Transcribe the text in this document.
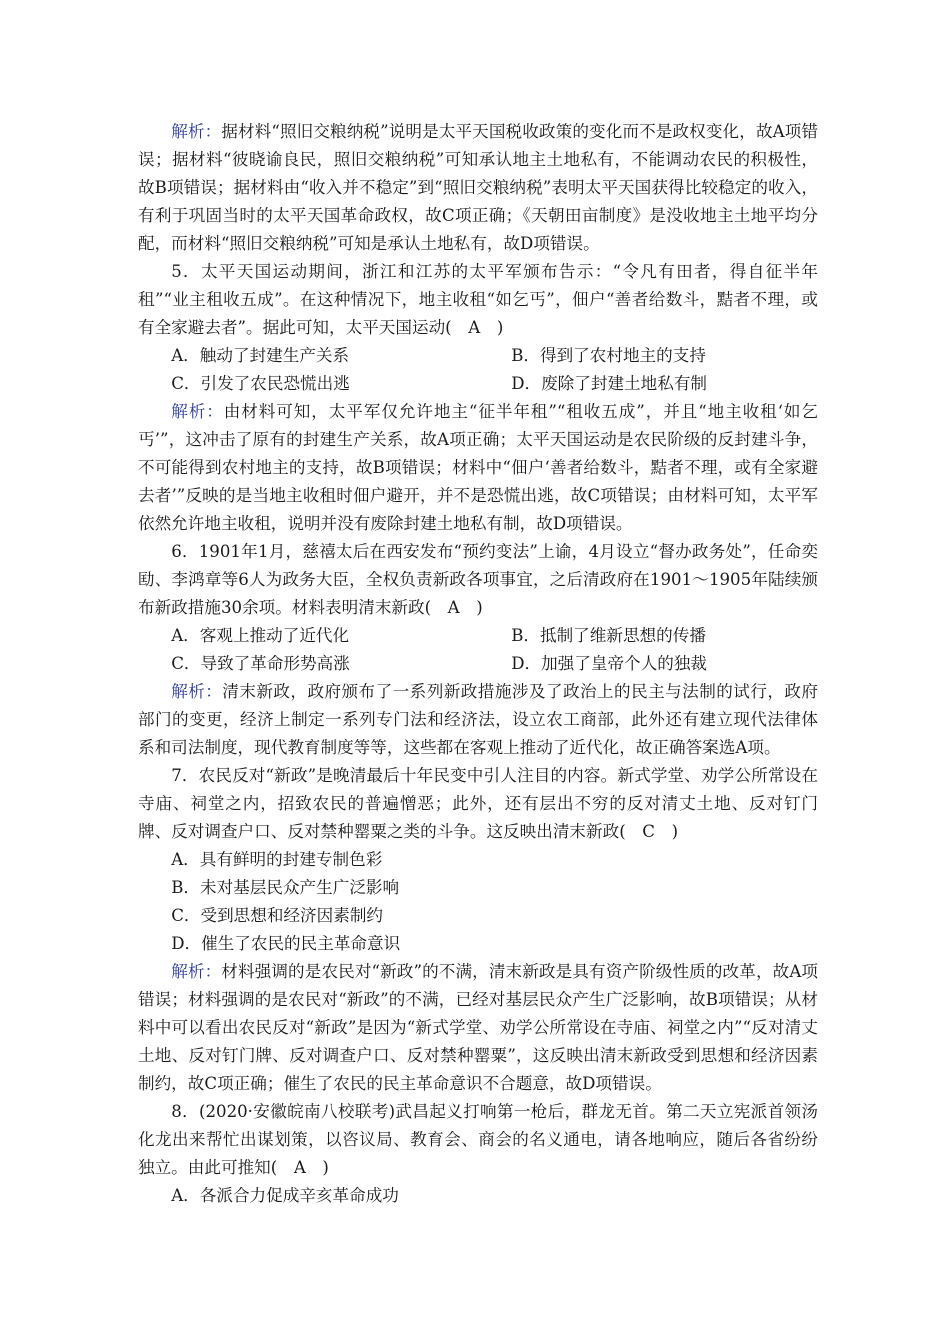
解析：据材料“照旧交粮纳税”说明是太平天国税收政策的变化而不是政权变化，故A项错误；据材料“彼晓谕良民，照旧交粮纳税”可知承认地主土地私有，不能调动农民的积极性，故B项错误；据材料由“收入并不稳定”到“照旧交粮纳税”表明太平天国获得比较稳定的收入，有利于巩固当时的太平天国革命政权，故C项正确；《天朝田亩制度》是没收地主土地平均分配，而材料“照旧交粮纳税”可知是承认土地私有，故D项错误。

5．太平天国运动期间，浙江和江苏的太平军颁布告示：“令凡有田者，得自征半年租”“业主租收五成”。在这种情况下，地主收租“如乞丐”，佃户“善者给数斗，黠者不理，或有全家避去者”。据此可知，太平天国运动(　A　)

A．触动了封建生产关系	B．得到了农村地主的支持
C．引发了农民恐慌出逃	D．废除了封建土地私有制

解析：由材料可知，太平军仅允许地主“征半年租”“租收五成”，并且“地主收租‘如乞丐’”，这冲击了原有的封建生产关系，故A项正确；太平天国运动是农民阶级的反封建斗争，不可能得到农村地主的支持，故B项错误；材料中“佃户‘善者给数斗，黠者不理，或有全家避去者’”反映的是当地主收租时佃户避开，并不是恐慌出逃，故C项错误；由材料可知，太平军依然允许地主收租，说明并没有废除封建土地私有制，故D项错误。

6．1901年1月，慈禧太后在西安发布“预约变法”上谕，4月设立“督办政务处”，任命奕劻、李鸿章等6人为政务大臣，全权负责新政各项事宜，之后清政府在1901～1905年陆续颁布新政措施30余项。材料表明清末新政(　A　)

A．客观上推动了近代化	B．抵制了维新思想的传播
C．导致了革命形势高涨	D．加强了皇帝个人的独裁

解析：清末新政，政府颁布了一系列新政措施涉及了政治上的民主与法制的试行，政府部门的变更，经济上制定一系列专门法和经济法，设立农工商部，此外还有建立现代法律体系和司法制度，现代教育制度等等，这些都在客观上推动了近代化，故正确答案选A项。

7．农民反对“新政”是晚清最后十年民变中引人注目的内容。新式学堂、劝学公所常设在寺庙、祠堂之内，招致农民的普遍憎恶；此外，还有层出不穷的反对清丈土地、反对钉门牌、反对调查户口、反对禁种罂粟之类的斗争。这反映出清末新政(　C　)

A．具有鲜明的封建专制色彩

B．未对基层民众产生广泛影响

C．受到思想和经济因素制约

D．催生了农民的民主革命意识

解析：材料强调的是农民对“新政”的不满，清末新政是具有资产阶级性质的改革，故A项错误；材料强调的是农民对“新政”的不满，已经对基层民众产生广泛影响，故B项错误；从材料中可以看出农民反对“新政”是因为“新式学堂、劝学公所常设在寺庙、祠堂之内”“反对清丈土地、反对钉门牌、反对调查户口、反对禁种罂粟”，这反映出清末新政受到思想和经济因素制约，故C项正确；催生了农民的民主革命意识不合题意，故D项错误。

8．(2020·安徽皖南八校联考)武昌起义打响第一枪后，群龙无首。第二天立宪派首领汤化龙出来帮忙出谋划策，以咨议局、教育会、商会的名义通电，请各地响应，随后各省纷纷独立。由此可推知(　A　)

A．各派合力促成辛亥革命成功
